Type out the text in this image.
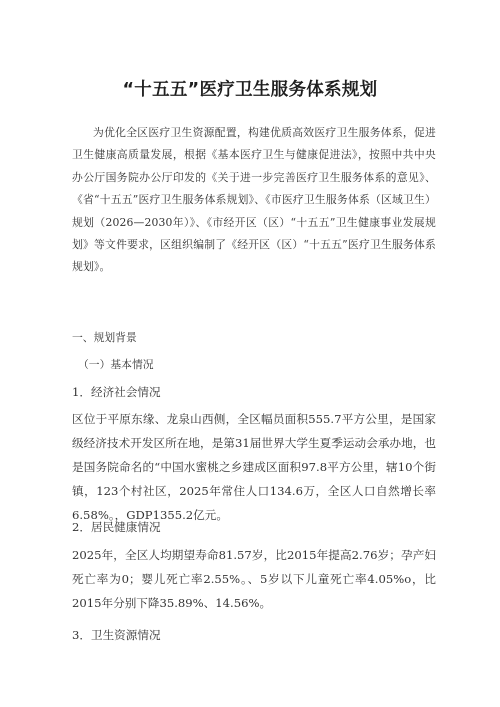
“十五五”医疗卫生服务体系规划

为优化全区医疗卫生资源配置，构建优质高效医疗卫生服务体系，促进卫生健康高质量发展，根据《基本医疗卫生与健康促进法》，按照中共中央办公厅国务院办公厅印发的《关于进一步完善医疗卫生服务体系的意见》、《省“十五五”医疗卫生服务体系规划》、《市医疗卫生服务体系（区域卫生）规划（2026—2030年）》、《市经开区（区）“十五五”卫生健康事业发展规划》等文件要求，区组织编制了《经开区（区）“十五五”医疗卫生服务体系规划》。

一、规划背景

（一）基本情况

1．经济社会情况

区位于平原东缘、龙泉山西侧，全区幅员面积555.7平方公里，是国家级经济技术开发区所在地，是第31届世界大学生夏季运动会承办地，也是国务院命名的“中国水蜜桃之乡建成区面积97.8平方公里，辖10个街镇，123个村社区，2025年常住人口134.6万，全区人口自然增长率6.58%。，GDP1355.2亿元。

2．居民健康情况

2025年，全区人均期望寿命81.57岁，比2015年提高2.76岁；孕产妇死亡率为0；婴儿死亡率2.55%。、5岁以下儿童死亡率4.05%o，比2015年分别下降35.89%、14.56%。

3．卫生资源情况
